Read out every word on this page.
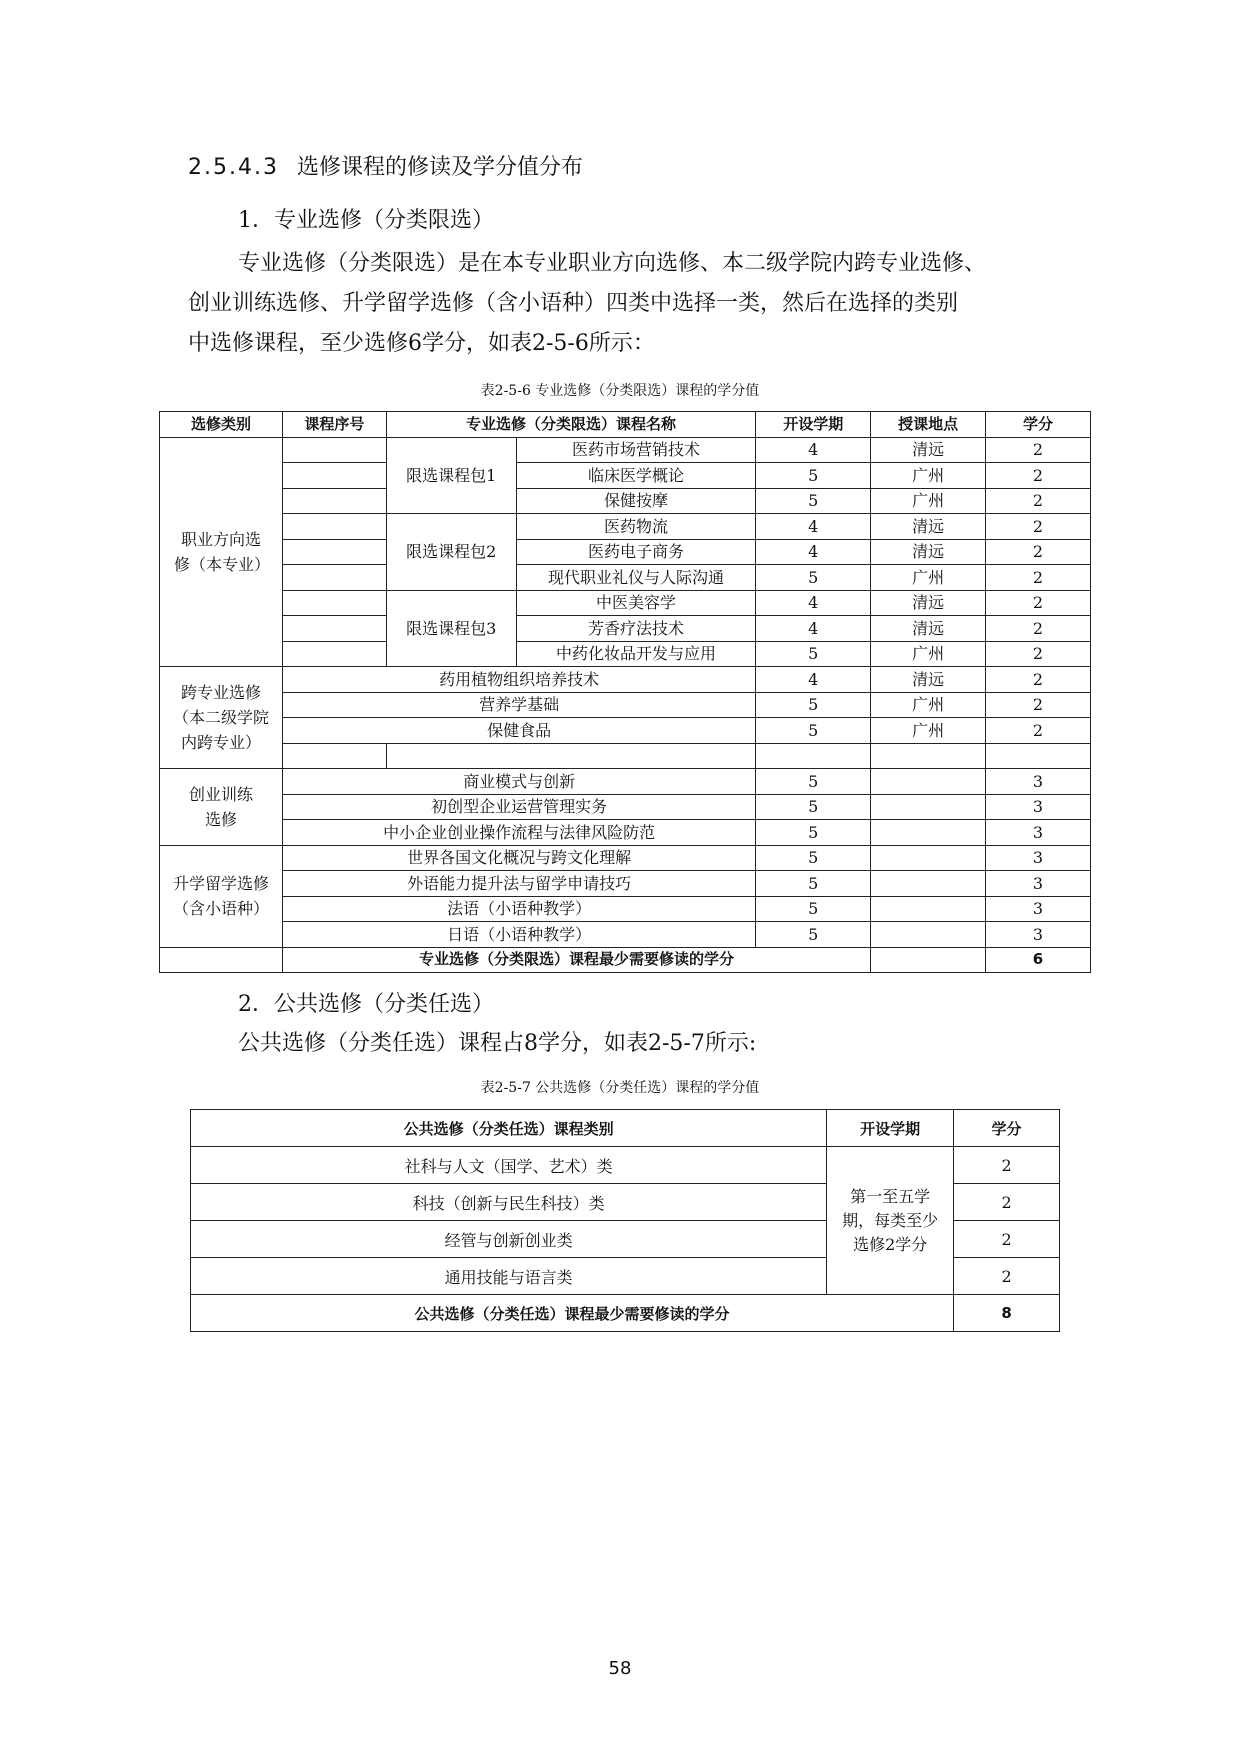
2.5.4.3 选修课程的修读及学分值分布
1．专业选修（分类限选）

专业选修（分类限选）是在本专业职业方向选修、本二级学院内跨专业选修、

创业训练选修、升学留学选修（含小语种）四类中选择一类，然后在选择的类别

中选修课程，至少选修6学分，如表2-5-6所示：

表2-5-6 专业选修（分类限选）课程的学分值
选修类别	课程序号	专业选修（分类限选）课程名称		开设学期	授课地点	学分
职业方向选修（本专业）		限选课程包1	医药市场营销技术	4	清远	2
			临床医学概论	5	广州	2
			保健按摩	5	广州	2
		限选课程包2	医药物流	4	清远	2
			医药电子商务	4	清远	2
			现代职业礼仪与人际沟通	5	广州	2
		限选课程包3	中医美容学	4	清远	2
			芳香疗法技术	4	清远	2
			中药化妆品开发与应用	5	广州	2
跨专业选修（本二级学院内跨专业）	药用植物组织培养技术			4	清远	2
	营养学基础			5	广州	2
	保健食品			5	广州	2

创业训练选修	商业模式与创新			5		3
	初创型企业运营管理实务			5		3
	中小企业创业操作流程与法律风险防范			5		3
升学留学选修（含小语种）	世界各国文化概况与跨文化理解			5		3
	外语能力提升法与留学申请技巧			5		3
	法语（小语种教学）			5		3
	日语（小语种教学）			5		3
	专业选修（分类限选）课程最少需要修读的学分					6
2．公共选修（分类任选）
公共选修（分类任选）课程占8学分，如表2-5-7所示:
表2-5-7 公共选修（分类任选）课程的学分值
公共选修（分类任选）课程类别	开设学期	学分
社科与人文（国学、艺术）类	第一至五学期，每类至少选修2学分	2
科技（创新与民生科技）类		2
经管与创新创业类		2
通用技能与语言类		2
公共选修（分类任选）课程最少需要修读的学分		8
58
